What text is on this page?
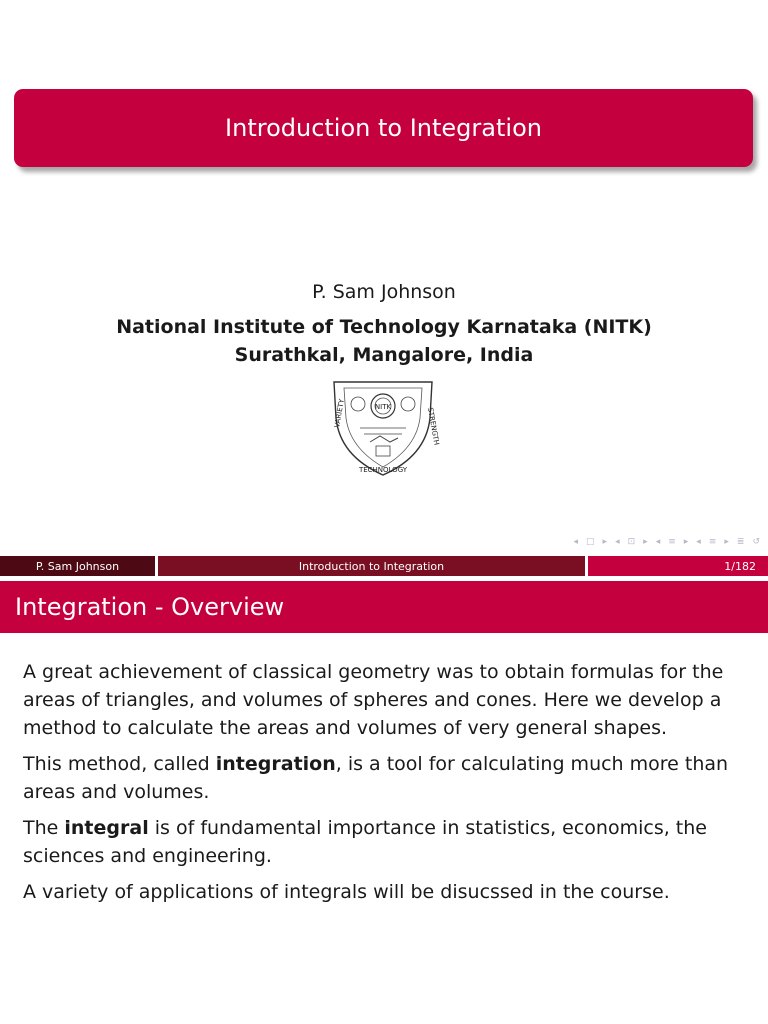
Introduction to Integration
P. Sam Johnson
National Institute of Technology Karnataka (NITK)
Surathkal, Mangalore, India
NITK
VARIETY	STRENGTH
TECHNOLOGY
◂ □ ▸ ◂ ⊡ ▸ ◂ ≡ ▸ ◂ ≡ ▸ ≣ ↺
P. Sam Johnson	Introduction to Integration	1/182
Integration - Overview

A great achievement of classical geometry was to obtain formulas for the areas of triangles, and volumes of spheres and cones. Here we develop a method to calculate the areas and volumes of very general shapes.

This method, called integration, is a tool for calculating much more than areas and volumes.

The integral is of fundamental importance in statistics, economics, the sciences and engineering.

A variety of applications of integrals will be disucssed in the course.
